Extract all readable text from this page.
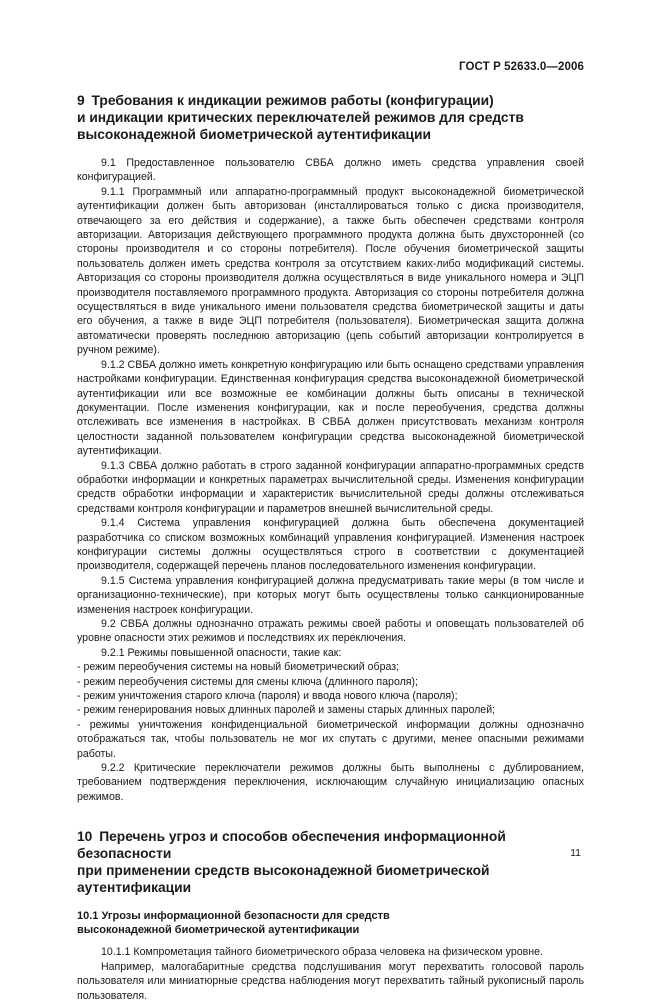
ГОСТ Р 52633.0—2006
9 Требования к индикации режимов работы (конфигурации)
и индикации критических переключателей режимов для средств
высоконадежной биометрической аутентификации

9.1 Предоставленное пользователю СВБА должно иметь средства управления своей конфигурацией.

9.1.1 Программный или аппаратно-программный продукт высоконадежной биометрической аутентификации должен быть авторизован (инсталлироваться только с диска производителя, отвечающего за его действия и содержание), а также быть обеспечен средствами контроля авторизации. Авторизация действующего программного продукта должна быть двухсторонней (со стороны производителя и со стороны потребителя). После обучения биометрической защиты пользователь должен иметь средства контроля за отсутствием каких-либо модификаций системы. Авторизация со стороны производителя должна осуществляться в виде уникального номера и ЭЦП производителя поставляемого программного продукта. Авторизация со стороны потребителя должна осуществляться в виде уникального имени пользователя средства биометрической защиты и даты его обучения, а также в виде ЭЦП потребителя (пользователя). Биометрическая защита должна автоматически проверять последнюю авторизацию (цепь событий авторизации контролируется в ручном режиме).

9.1.2 СВБА должно иметь конкретную конфигурацию или быть оснащено средствами управления настройками конфигурации. Единственная конфигурация средства высоконадежной биометрической аутентификации или все возможные ее комбинации должны быть описаны в технической документации. После изменения конфигурации, как и после переобучения, средства должны отслеживать все изменения в настройках. В СВБА должен присутствовать механизм контроля целостности заданной пользователем конфигурации средства высоконадежной биометрической аутентификации.

9.1.3 СВБА должно работать в строго заданной конфигурации аппаратно-программных средств обработки информации и конкретных параметрах вычислительной среды. Изменения конфигурации средств обработки информации и характеристик вычислительной среды должны отслеживаться средствами контроля конфигурации и параметров внешней вычислительной среды.

9.1.4 Система управления конфигурацией должна быть обеспечена документацией разработчика со списком возможных комбинаций управления конфигурацией. Изменения настроек конфигурации системы должны осуществляться строго в соответствии с документацией производителя, содержащей перечень планов последовательного изменения конфигурации.

9.1.5 Система управления конфигурацией должна предусматривать такие меры (в том числе и организационно-технические), при которых могут быть осуществлены только санкционированные изменения настроек конфигурации.

9.2 СВБА должны однозначно отражать режимы своей работы и оповещать пользователей об уровне опасности этих режимов и последствиях их переключения.

9.2.1 Режимы повышенной опасности, такие как:

- режим переобучения системы на новый биометрический образ;

- режим переобучения системы для смены ключа (длинного пароля);

- режим уничтожения старого ключа (пароля) и ввода нового ключа (пароля);

- режим генерирования новых длинных паролей и замены старых длинных паролей;

- режимы уничтожения конфиденциальной биометрической информации должны однозначно отображаться так, чтобы пользователь не мог их спутать с другими, менее опасными режимами работы.

9.2.2 Критические переключатели режимов должны быть выполнены с дублированием, требованием подтверждения переключения, исключающим случайную инициализацию опасных режимов.

10 Перечень угроз и способов обеспечения информационной безопасности
при применении средств высоконадежной биометрической аутентификации
10.1 Угрозы информационной безопасности для средств
высоконадежной биометрической аутентификации

10.1.1 Компрометация тайного биометрического образа человека на физическом уровне.

Например, малогабаритные средства подслушивания могут перехватить голосовой пароль пользователя или миниатюрные средства наблюдения могут перехватить тайный рукописный пароль пользователя.

11
